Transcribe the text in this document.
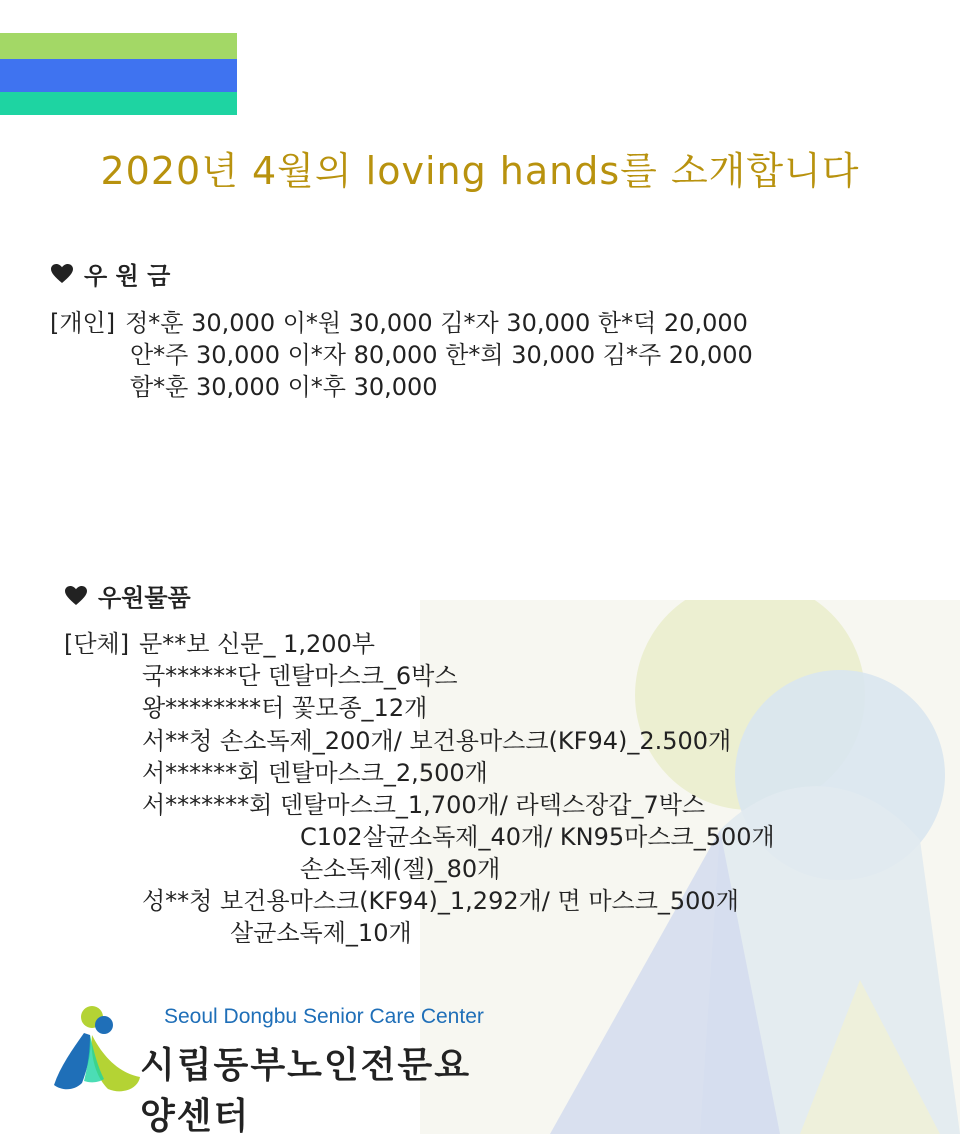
2020년 4월의 loving hands를 소개합니다
우 원 금
[개인] 정*훈 30,000 이*원 30,000 김*자 30,000 한*덕 20,000
안*주 30,000 이*자 80,000 한*희 30,000 김*주 20,000
함*훈 30,000 이*후 30,000
우원물품
[단체] 문**보 신문_ 1,200부
국******단 덴탈마스크_6박스
왕********터 꽃모종_12개
서**청 손소독제_200개/ 보건용마스크(KF94)_2.500개
서******회 덴탈마스크_2,500개
서*******회 덴탈마스크_1,700개/ 라텍스장갑_7박스
C102살균소독제_40개/ KN95마스크_500개
손소독제(젤)_80개
성**청 보건용마스크(KF94)_1,292개/ 면 마스크_500개
살균소독제_10개
Seoul Dongbu Senior Care Center
시립동부노인전문요양센터
